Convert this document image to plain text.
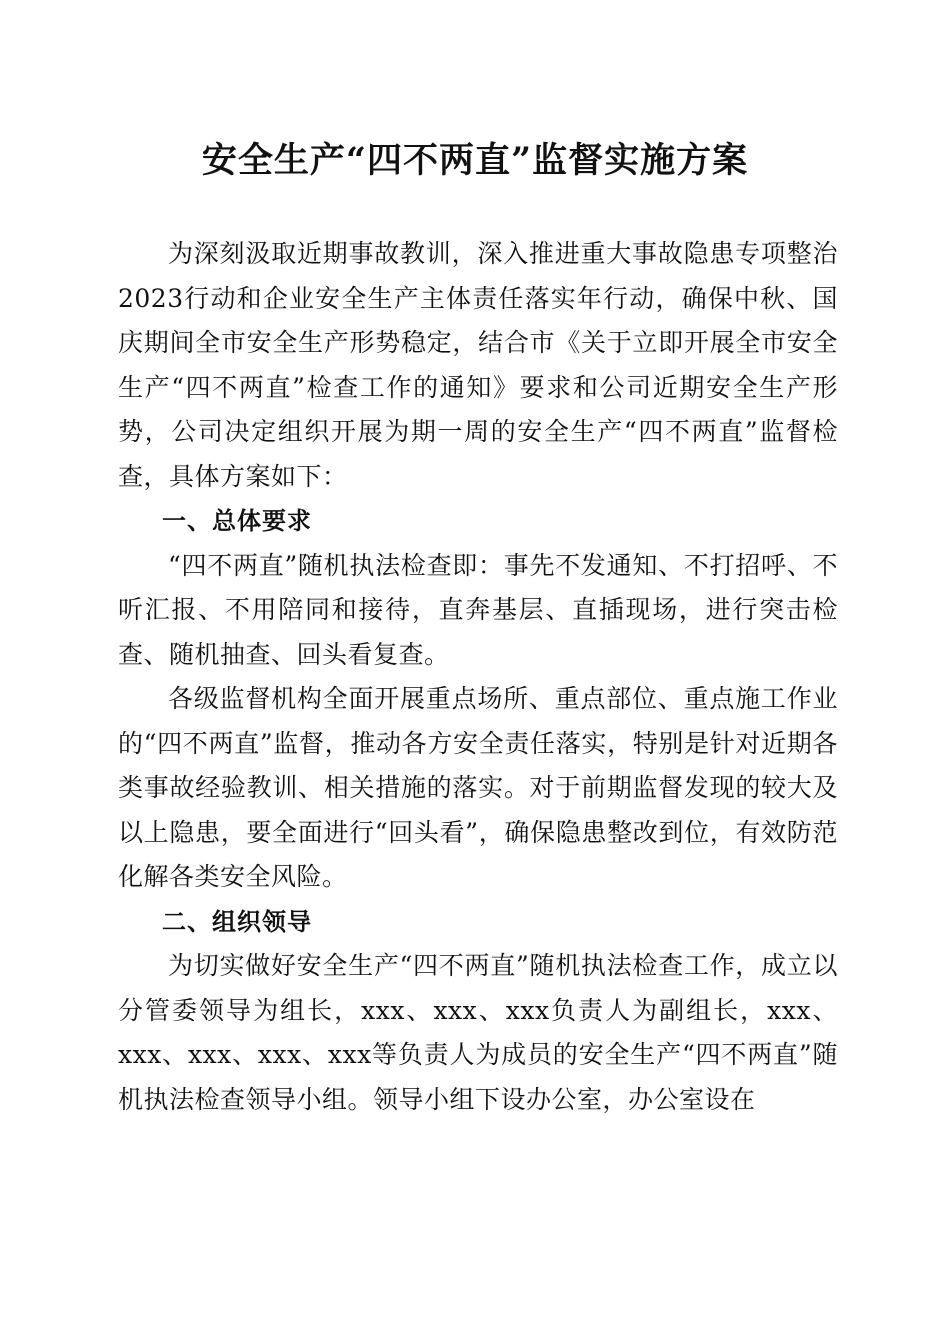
安全生产“四不两直”监督实施方案

为深刻汲取近期事故教训，深入推进重大事故隐患专项整治2023行动和企业安全生产主体责任落实年行动，确保中秋、国庆期间全市安全生产形势稳定，结合市《关于立即开展全市安全生产“四不两直”检查工作的通知》要求和公司近期安全生产形势，公司决定组织开展为期一周的安全生产“四不两直”监督检查，具体方案如下：

一、总体要求

“四不两直”随机执法检查即：事先不发通知、不打招呼、不听汇报、不用陪同和接待，直奔基层、直插现场，进行突击检查、随机抽查、回头看复查。

各级监督机构全面开展重点场所、重点部位、重点施工作业的“四不两直”监督，推动各方安全责任落实，特别是针对近期各类事故经验教训、相关措施的落实。对于前期监督发现的较大及以上隐患，要全面进行“回头看”，确保隐患整改到位，有效防范化解各类安全风险。

二、组织领导

为切实做好安全生产“四不两直”随机执法检查工作，成立以分管委领导为组长，xxx、xxx、xxx负责人为副组长，xxx、xxx、xxx、xxx、xxx等负责人为成员的安全生产“四不两直”随机执法检查领导小组。领导小组下设办公室，办公室设在
